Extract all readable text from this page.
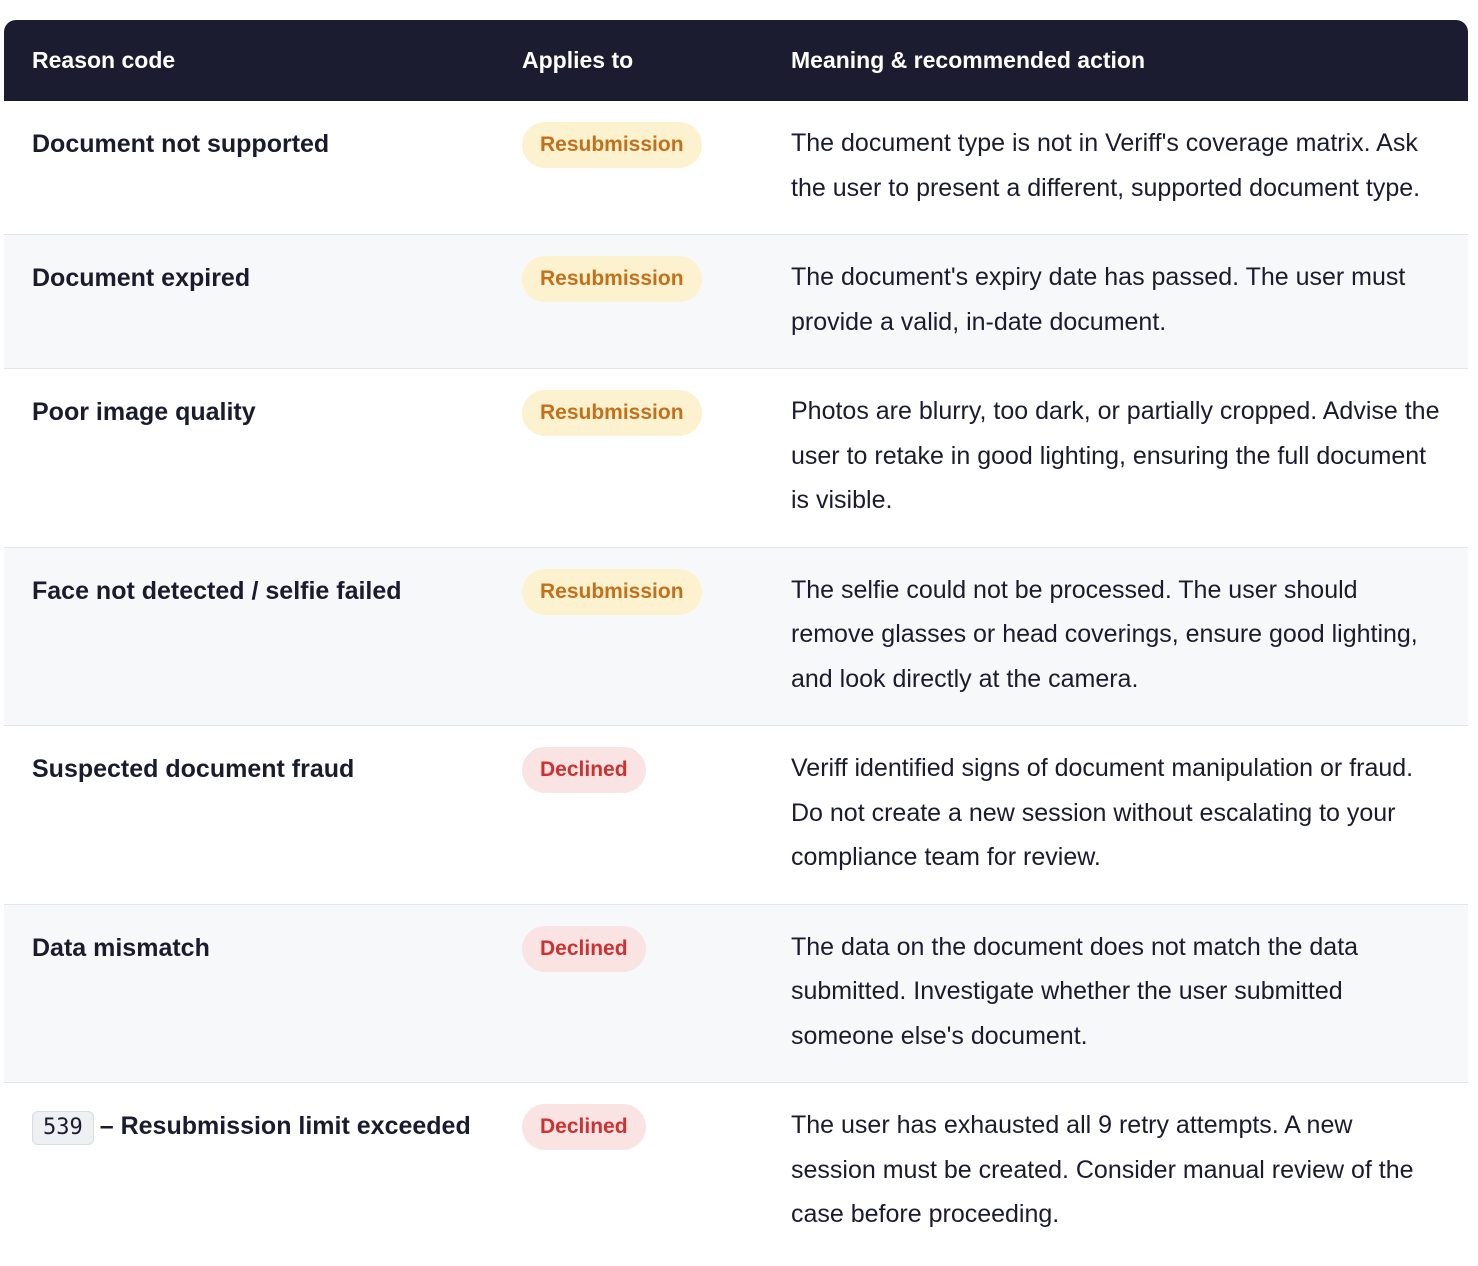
Reason code	Applies to	Meaning & recommended action
Document not supported	Resubmission	The document type is not in Veriff's coverage matrix. Ask the user to present a different, supported document type.
Document expired	Resubmission	The document's expiry date has passed. The user must provide a valid, in-date document.
Poor image quality	Resubmission	Photos are blurry, too dark, or partially cropped. Advise the user to retake in good lighting, ensuring the full document is visible.
Face not detected / selfie failed	Resubmission	The selfie could not be processed. The user should remove glasses or head coverings, ensure good lighting, and look directly at the camera.
Suspected document fraud	Declined	Veriff identified signs of document manipulation or fraud. Do not create a new session without escalating to your compliance team for review.
Data mismatch	Declined	The data on the document does not match the data submitted. Investigate whether the user submitted someone else's document.
539 – Resubmission limit exceeded	Declined	The user has exhausted all 9 retry attempts. A new session must be created. Consider manual review of the case before proceeding.
